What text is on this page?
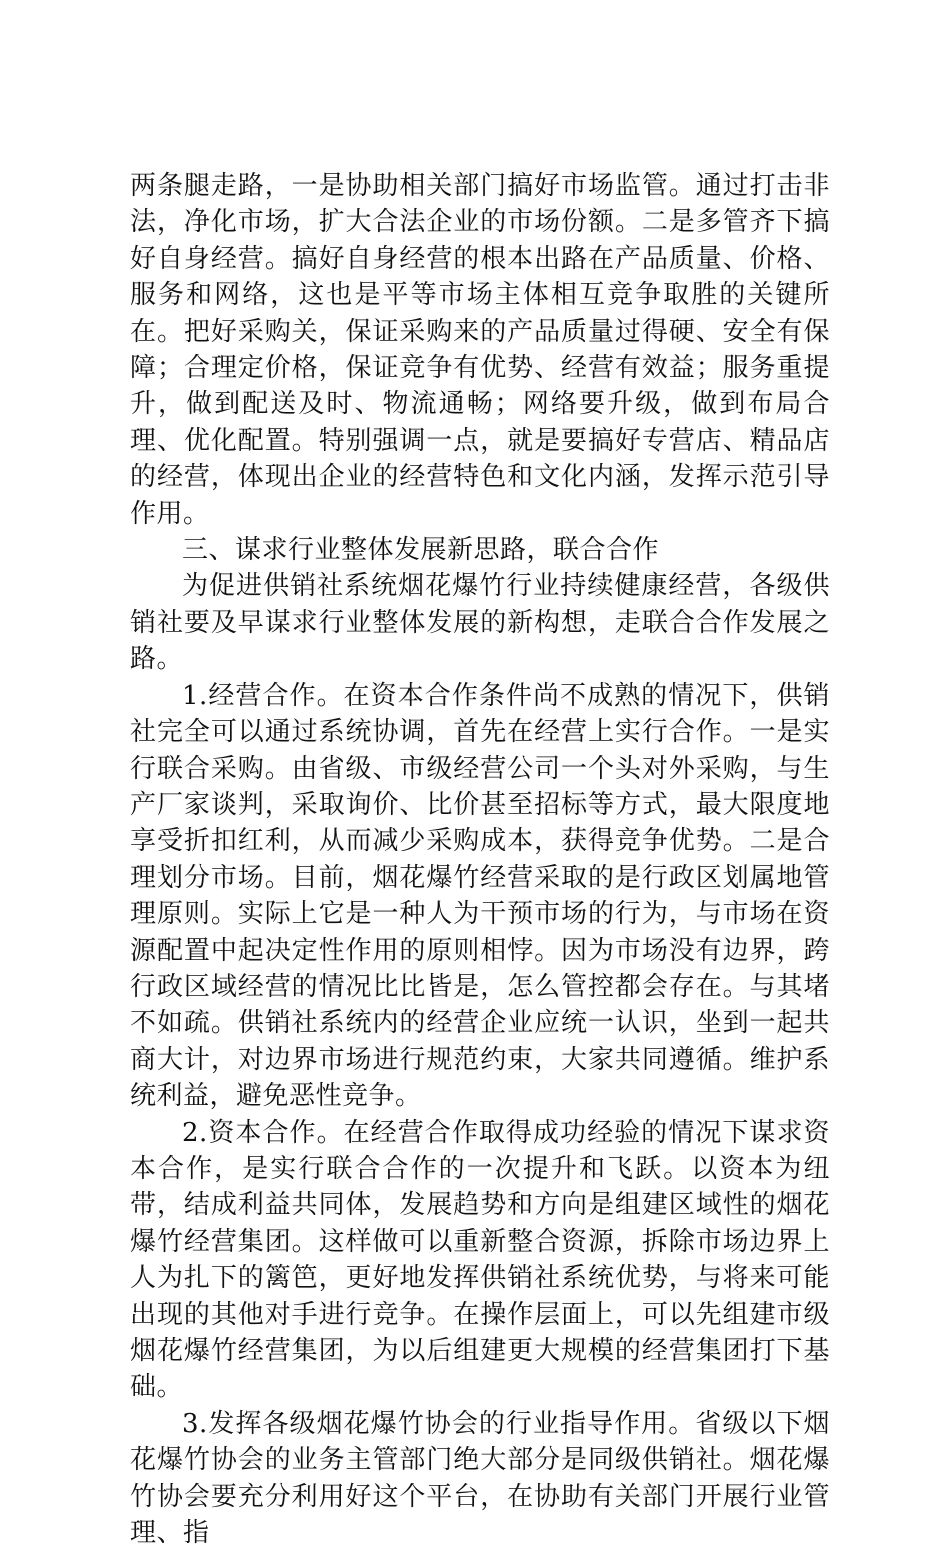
两条腿走路，一是协助相关部门搞好市场监管。通过打击非法，净化市场，扩大合法企业的市场份额。二是多管齐下搞好自身经营。搞好自身经营的根本出路在产品质量、价格、服务和网络，这也是平等市场主体相互竞争取胜的关键所在。把好采购关，保证采购来的产品质量过得硬、安全有保障；合理定价格，保证竞争有优势、经营有效益；服务重提升，做到配送及时、物流通畅；网络要升级，做到布局合理、优化配置。特别强调一点，就是要搞好专营店、精品店的经营，体现出企业的经营特色和文化内涵，发挥示范引导作用。

三、谋求行业整体发展新思路，联合合作

为促进供销社系统烟花爆竹行业持续健康经营，各级供销社要及早谋求行业整体发展的新构想，走联合合作发展之路。

1.经营合作。在资本合作条件尚不成熟的情况下，供销社完全可以通过系统协调，首先在经营上实行合作。一是实行联合采购。由省级、市级经营公司一个头对外采购，与生产厂家谈判，采取询价、比价甚至招标等方式，最大限度地享受折扣红利，从而减少采购成本，获得竞争优势。二是合理划分市场。目前，烟花爆竹经营采取的是行政区划属地管理原则。实际上它是一种人为干预市场的行为，与市场在资源配置中起决定性作用的原则相悖。因为市场没有边界，跨行政区域经营的情况比比皆是，怎么管控都会存在。与其堵不如疏。供销社系统内的经营企业应统一认识，坐到一起共商大计，对边界市场进行规范约束，大家共同遵循。维护系统利益，避免恶性竞争。

2.资本合作。在经营合作取得成功经验的情况下谋求资本合作，是实行联合合作的一次提升和飞跃。以资本为纽带，结成利益共同体，发展趋势和方向是组建区域性的烟花爆竹经营集团。这样做可以重新整合资源，拆除市场边界上人为扎下的篱笆，更好地发挥供销社系统优势，与将来可能出现的其他对手进行竞争。在操作层面上，可以先组建市级烟花爆竹经营集团，为以后组建更大规模的经营集团打下基础。

3.发挥各级烟花爆竹协会的行业指导作用。省级以下烟花爆竹协会的业务主管部门绝大部分是同级供销社。烟花爆竹协会要充分利用好这个平台，在协助有关部门开展行业管理、指
